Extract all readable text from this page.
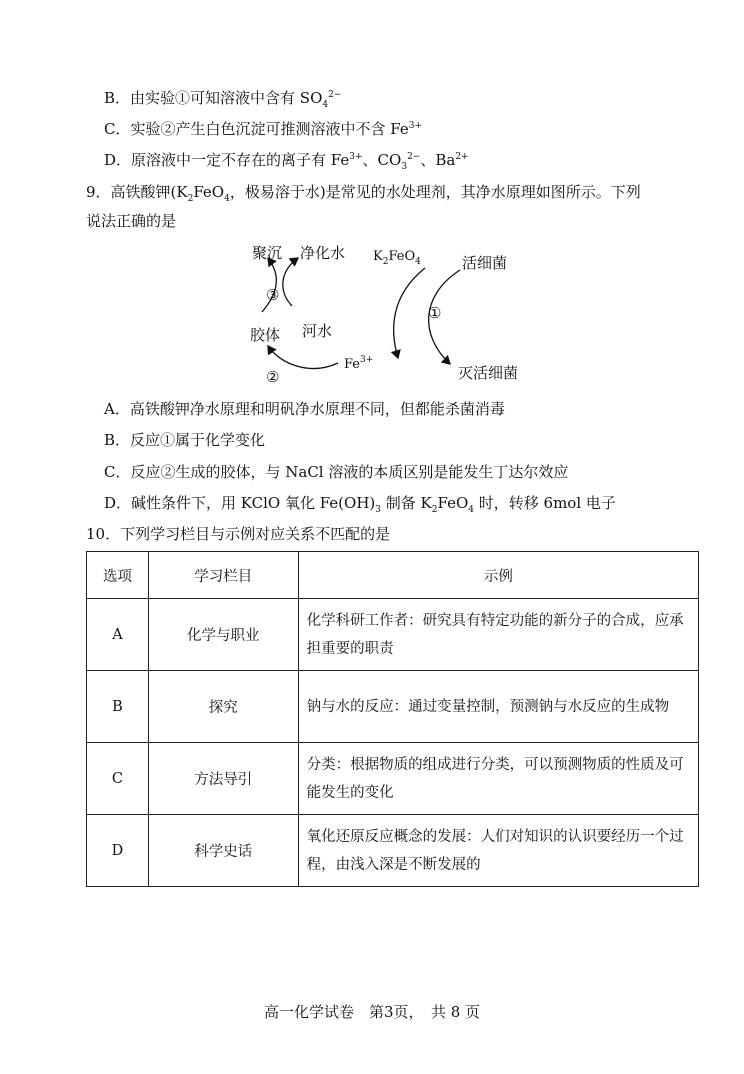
B．由实验①可知溶液中含有 $SO_4^{2-}$
C．实验②产生白色沉淀可推测溶液中不含 $Fe^{3+}$
D．原溶液中一定不存在的离子有 $Fe^{3+}$、$CO_3^{2-}$、$Ba^{2+}$
9．高铁酸钾($K_2FeO_4$，极易溶于水)是常见的水处理剂，其净水原理如图所示。下列
说法正确的是
聚沉 净化水 $K_2FeO_4$	活细菌
③
①
胶体 河水
$Fe^{3+}$
②	灭活细菌
A．高铁酸钾净水原理和明矾净水原理不同，但都能杀菌消毒
B．反应①属于化学变化
C．反应②生成的胶体，与 NaCl 溶液的本质区别是能发生丁达尔效应
D．碱性条件下，用 KClO 氧化 $Fe(OH)_3$ 制备 $K_2FeO_4$ 时，转移 6mol 电子
10．下列学习栏目与示例对应关系不匹配的是
选项	学习栏目	示例
A	化学与职业	化学科研工作者：研究具有特定功能的新分子的合成，应承担重要的职责
B	探究	钠与水的反应：通过变量控制，预测钠与水反应的生成物
C	方法导引	分类：根据物质的组成进行分类，可以预测物质的性质及可能发生的变化
D	科学史话	氧化还原反应概念的发展：人们对知识的认识要经历一个过程，由浅入深是不断发展的
高一化学试卷　第3页，　共 8 页
